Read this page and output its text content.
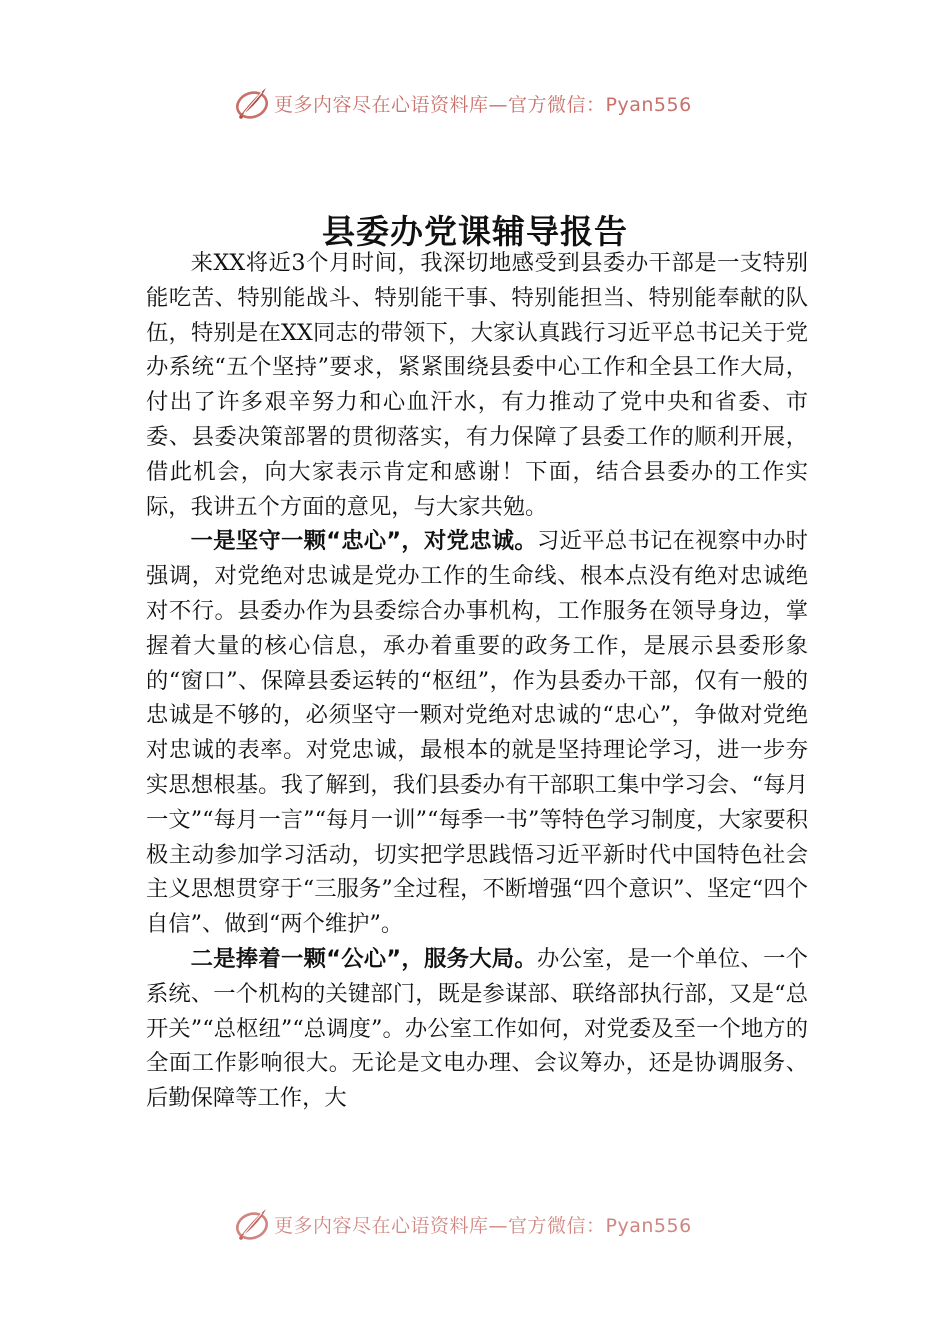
更多内容尽在心语资料库—官方微信：Pyan556
县委办党课辅导报告

来XX将近3个月时间，我深切地感受到县委办干部是一支特别能吃苦、特别能战斗、特别能干事、特别能担当、特别能奉献的队伍，特别是在XX同志的带领下，大家认真践行习近平总书记关于党办系统“五个坚持”要求，紧紧围绕县委中心工作和全县工作大局，付出了许多艰辛努力和心血汗水，有力推动了党中央和省委、市委、县委决策部署的贯彻落实，有力保障了县委工作的顺利开展，借此机会，向大家表示肯定和感谢！下面，结合县委办的工作实际，我讲五个方面的意见，与大家共勉。

一是坚守一颗“忠心”，对党忠诚。习近平总书记在视察中办时强调，对党绝对忠诚是党办工作的生命线、根本点没有绝对忠诚绝对不行。县委办作为县委综合办事机构，工作服务在领导身边，掌握着大量的核心信息，承办着重要的政务工作，是展示县委形象的“窗口”、保障县委运转的“枢纽”，作为县委办干部，仅有一般的忠诚是不够的，必须坚守一颗对党绝对忠诚的“忠心”，争做对党绝对忠诚的表率。对党忠诚，最根本的就是坚持理论学习，进一步夯实思想根基。我了解到，我们县委办有干部职工集中学习会、“每月一文”“每月一言”“每月一训”“每季一书”等特色学习制度，大家要积极主动参加学习活动，切实把学思践悟习近平新时代中国特色社会主义思想贯穿于“三服务”全过程，不断增强“四个意识”、坚定“四个自信”、做到“两个维护”。

二是捧着一颗“公心”，服务大局。办公室，是一个单位、一个系统、一个机构的关键部门，既是参谋部、联络部执行部，又是“总开关”“总枢纽”“总调度”。办公室工作如何，对党委及至一个地方的全面工作影响很大。无论是文电办理、会议筹办，还是协调服务、后勤保障等工作，大

更多内容尽在心语资料库—官方微信：Pyan556
